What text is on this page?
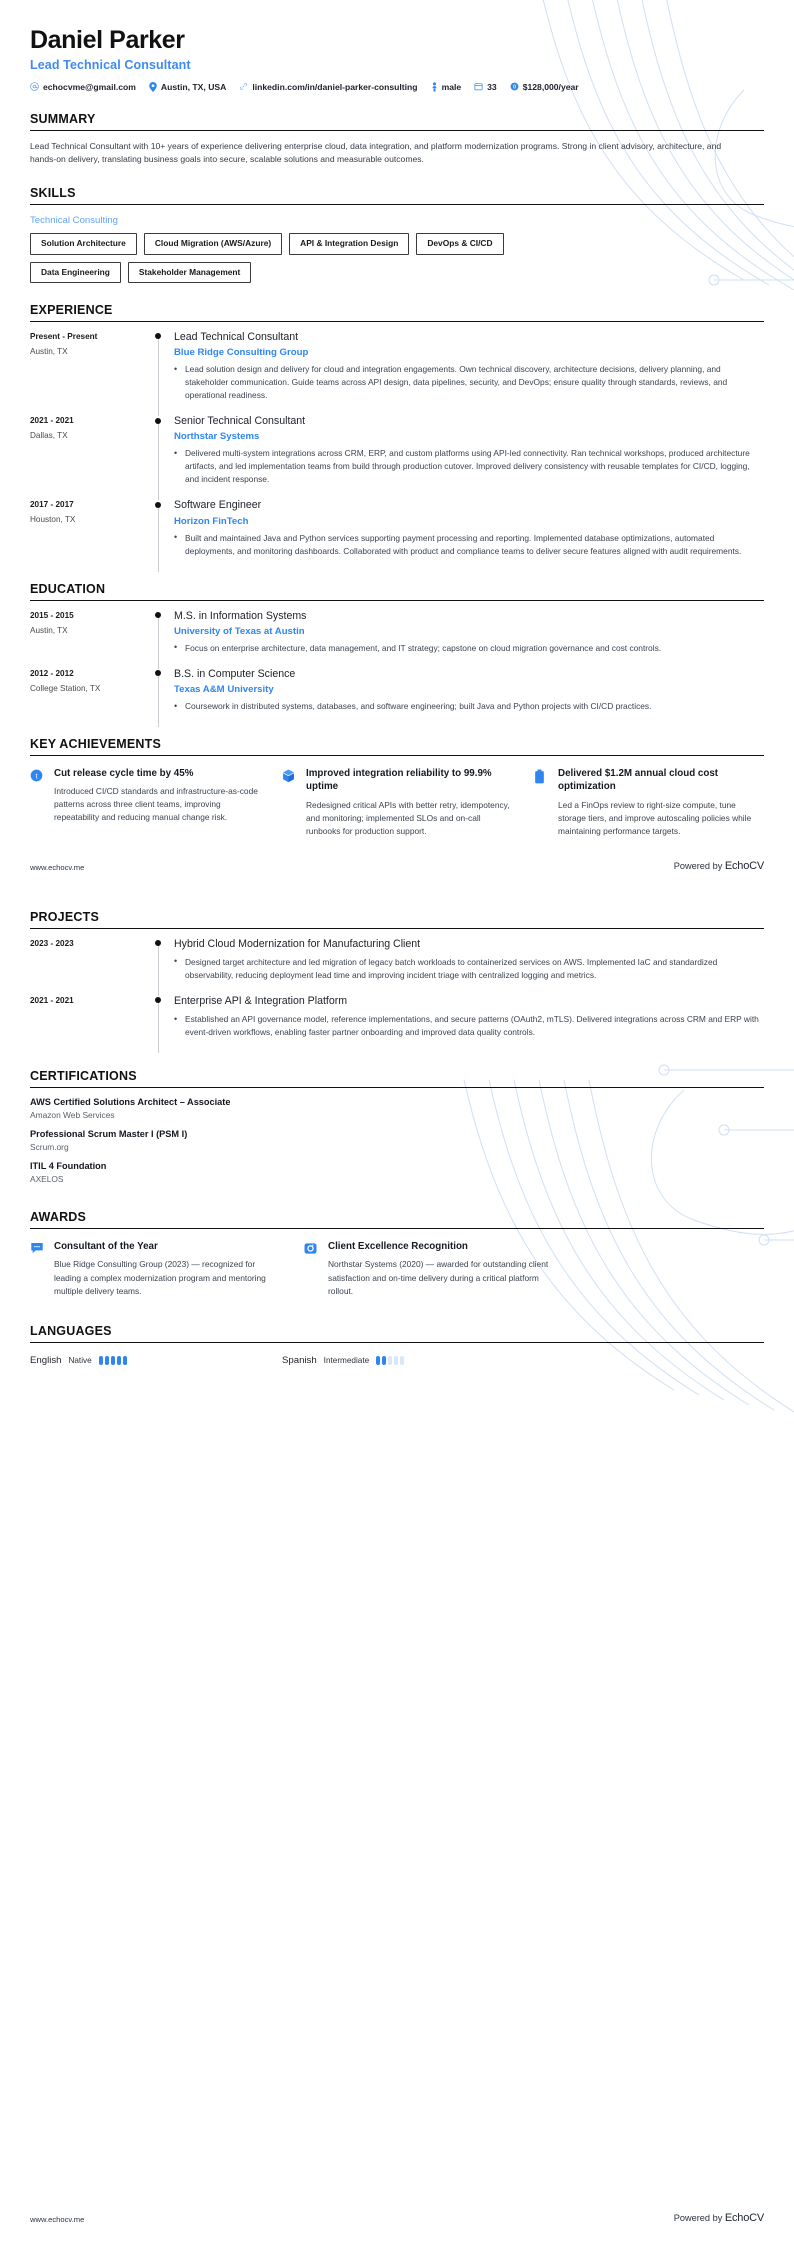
Daniel Parker
Lead Technical Consultant
echocvme@gmail.com	Austin, TX, USA	linkedin.com/in/daniel-parker-consulting	male	33 0 $128,000/year
SUMMARY
Lead Technical Consultant with 10+ years of experience delivering enterprise cloud, data integration, and platform modernization programs. Strong in client advisory, architecture, and hands-on delivery, translating business goals into secure, scalable solutions and measurable outcomes.
SKILLS
Technical Consulting
Solution Architecture	Cloud Migration (AWS/Azure)	API & Integration Design	DevOps & CI/CD
Data Engineering	Stakeholder Management
EXPERIENCE
Present - Present
Austin, TX
Lead Technical Consultant
Blue Ridge Consulting Group
• Lead solution design and delivery for cloud and integration engagements. Own technical discovery, architecture decisions, delivery planning, and stakeholder communication. Guide teams across API design, data pipelines, security, and DevOps; ensure quality through standards, reviews, and operational readiness.
2021 - 2021
Dallas, TX
Senior Technical Consultant
Northstar Systems
• Delivered multi-system integrations across CRM, ERP, and custom platforms using API-led connectivity. Ran technical workshops, produced architecture artifacts, and led implementation teams from build through production cutover. Improved delivery consistency with reusable templates for CI/CD, logging, and incident response.
2017 - 2017
Houston, TX
Software Engineer
Horizon FinTech
• Built and maintained Java and Python services supporting payment processing and reporting. Implemented database optimizations, automated deployments, and monitoring dashboards. Collaborated with product and compliance teams to deliver secure features aligned with audit requirements.
EDUCATION
2015 - 2015
Austin, TX
M.S. in Information Systems
University of Texas at Austin
• Focus on enterprise architecture, data management, and IT strategy; capstone on cloud migration governance and cost controls.
2012 - 2012
College Station, TX
B.S. in Computer Science
Texas A&M University
• Coursework in distributed systems, databases, and software engineering; built Java and Python projects with CI/CD practices.
KEY ACHIEVEMENTS
t Cut release cycle time by 45%
Introduced CI/CD standards and infrastructure-as-code patterns across three client teams, improving repeatability and reducing manual change risk.
Improved integration reliability to 99.9% uptime
Redesigned critical APIs with better retry, idempotency, and monitoring; implemented SLOs and on-call runbooks for production support.
Delivered $1.2M annual cloud cost optimization
Led a FinOps review to right-size compute, tune storage tiers, and improve autoscaling policies while maintaining performance targets.
www.echocv.me	Powered by EchoCV
PROJECTS
2023 - 2023	Hybrid Cloud Modernization for Manufacturing Client
• Designed target architecture and led migration of legacy batch workloads to containerized services on AWS. Implemented IaC and standardized observability, reducing deployment lead time and improving incident triage with centralized logging and metrics.
2021 - 2021	Enterprise API & Integration Platform
• Established an API governance model, reference implementations, and secure patterns (OAuth2, mTLS). Delivered integrations across CRM and ERP with event-driven workflows, enabling faster partner onboarding and improved data quality controls.
CERTIFICATIONS
AWS Certified Solutions Architect – Associate
Amazon Web Services
Professional Scrum Master I (PSM I)
Scrum.org
ITIL 4 Foundation
AXELOS
AWARDS
Consultant of the Year
Blue Ridge Consulting Group (2023) — recognized for leading a complex modernization program and mentoring multiple delivery teams.
Client Excellence Recognition
Northstar Systems (2020) — awarded for outstanding client satisfaction and on-time delivery during a critical platform rollout.
LANGUAGES
English Native	Spanish Intermediate
www.echocv.me	Powered by EchoCV
